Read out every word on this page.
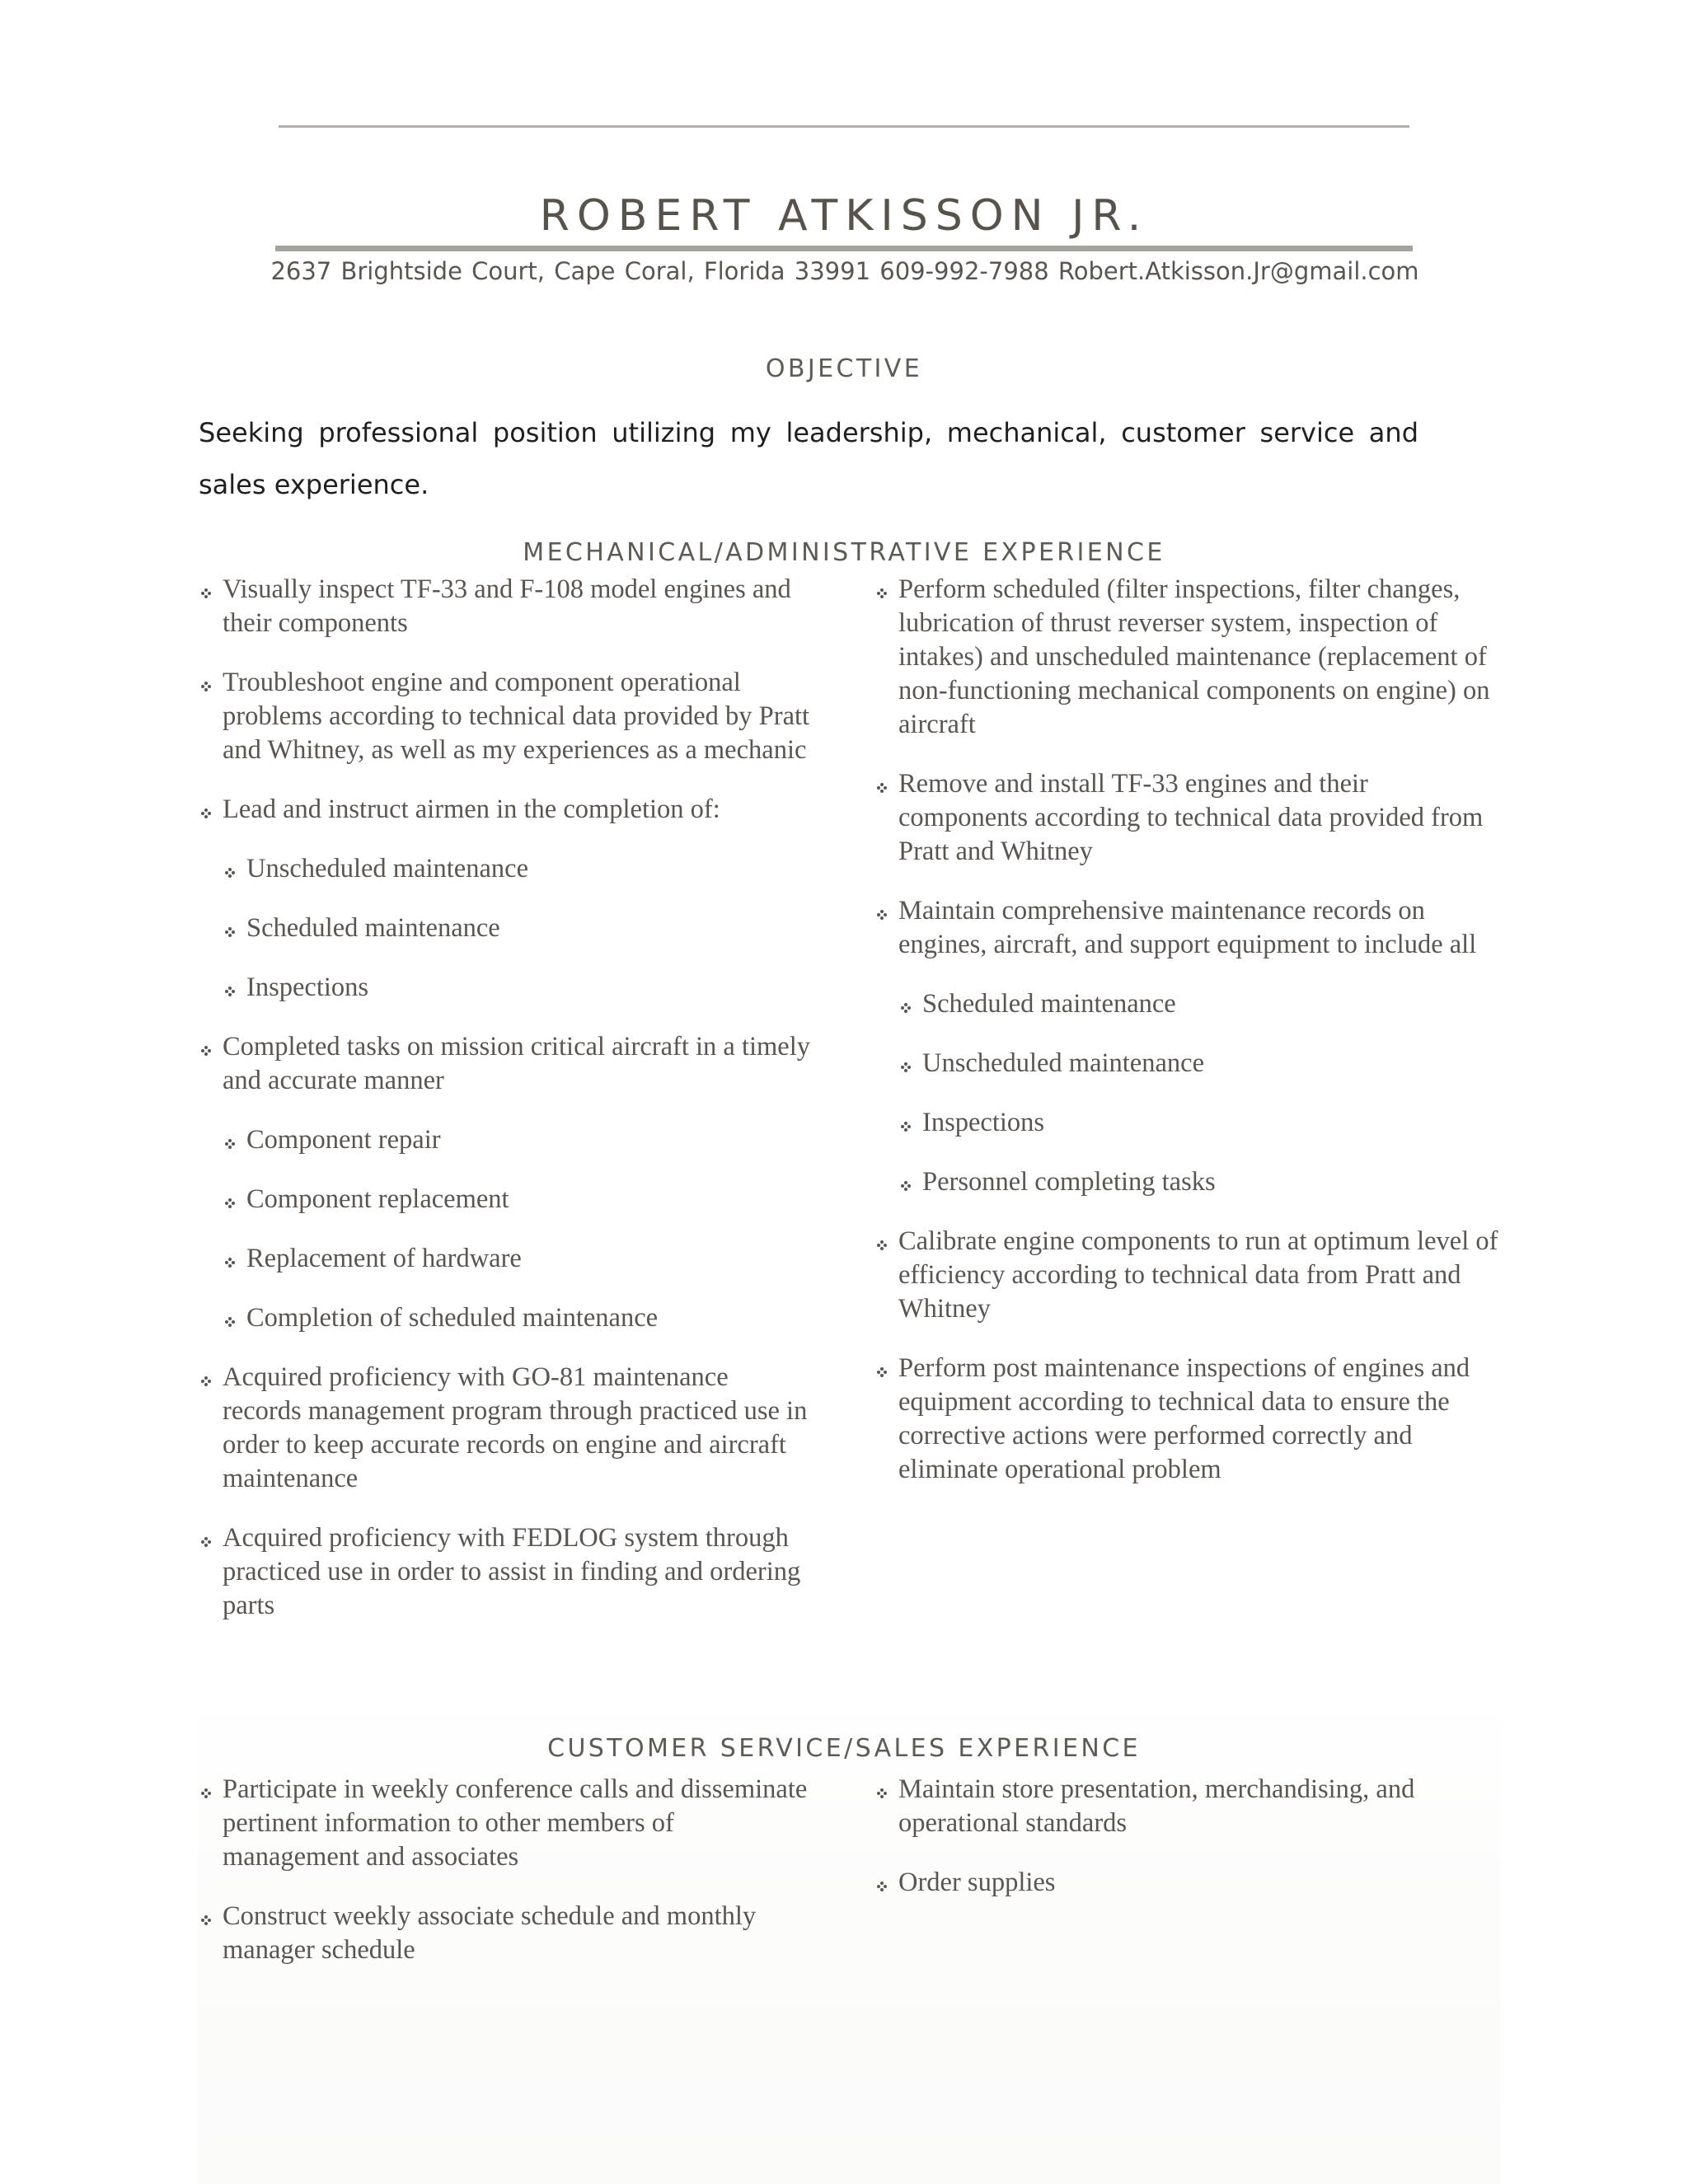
ROBERT ATKISSON JR.
2637 Brightside Court, Cape Coral, Florida 33991 609-992-7988 Robert.Atkisson.Jr@gmail.com
OBJECTIVE
Seeking professional position utilizing my leadership, mechanical, customer service and sales experience.
MECHANICAL/ADMINISTRATIVE EXPERIENCE
Visually inspect TF-33 and F-108 model engines and their components
Troubleshoot engine and component operational problems according to technical data provided by Pratt and Whitney, as well as my experiences as a mechanic
Lead and instruct airmen in the completion of:
Unscheduled maintenance
Scheduled maintenance
Inspections
Completed tasks on mission critical aircraft in a timely and accurate manner
Component repair
Component replacement
Replacement of hardware
Completion of scheduled maintenance
Acquired proficiency with GO-81 maintenance records management program through practiced use in order to keep accurate records on engine and aircraft maintenance
Acquired proficiency with FEDLOG system through practiced use in order to assist in finding and ordering parts
Perform scheduled (filter inspections, filter changes, lubrication of thrust reverser system, inspection of intakes) and unscheduled maintenance (replacement of non-functioning mechanical components on engine) on aircraft
Remove and install TF-33 engines and their components according to technical data provided from Pratt and Whitney
Maintain comprehensive maintenance records on engines, aircraft, and support equipment to include all
Scheduled maintenance
Unscheduled maintenance
Inspections
Personnel completing tasks
Calibrate engine components to run at optimum level of efficiency according to technical data from Pratt and Whitney
Perform post maintenance inspections of engines and equipment according to technical data to ensure the corrective actions were performed correctly and eliminate operational problem
CUSTOMER SERVICE/SALES EXPERIENCE
Participate in weekly conference calls and disseminate pertinent information to other members of management and associates
Construct weekly associate schedule and monthly manager schedule
Maintain store presentation, merchandising, and operational standards
Order supplies
